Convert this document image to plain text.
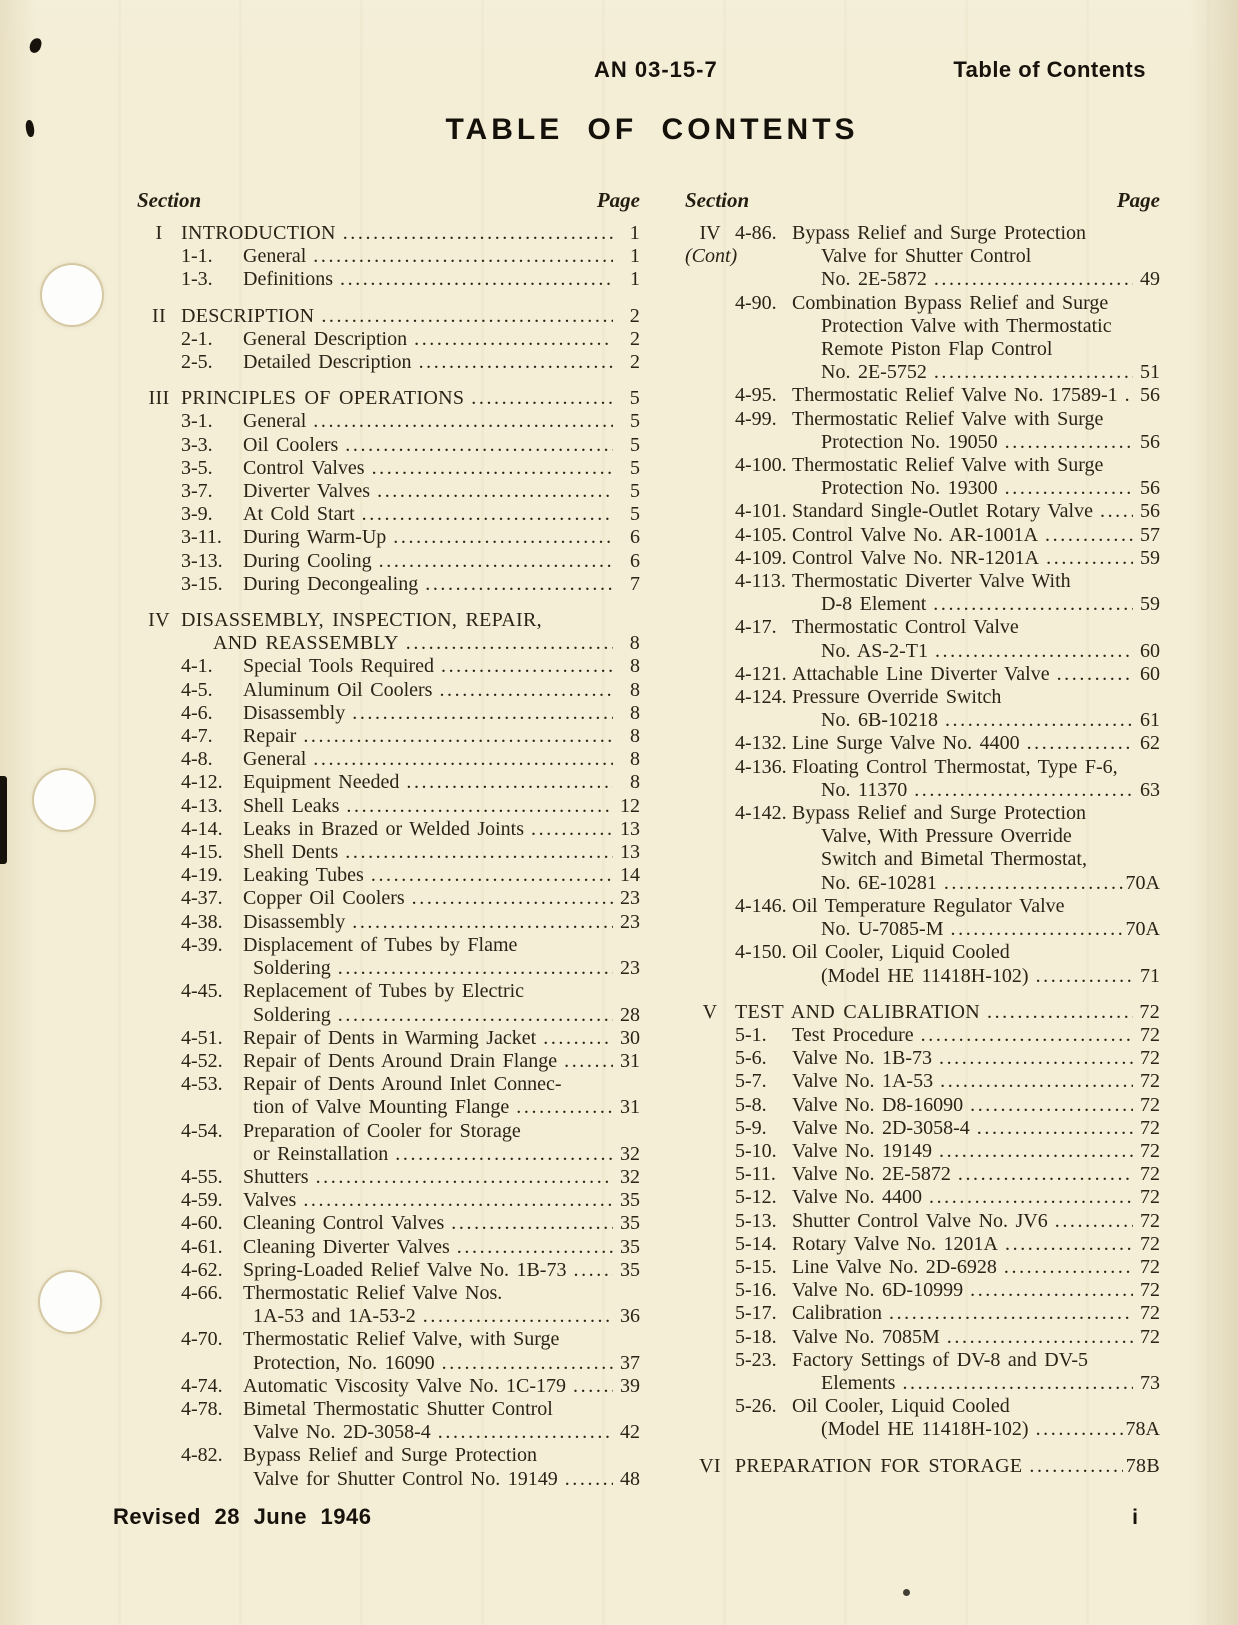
AN 03-15-7	Table of Contents
TABLE OF CONTENTS
Section	Page
I INTRODUCTION .....	1
1-1.	General .....	1
1-3.	Definitions .....	1
II DESCRIPTION .....	2
2-1.	General Description .....	2
2-5.	Detailed Description .....	2
III PRINCIPLES OF OPERATIONS .....	5
3-1.	General .....	5
3-3.	Oil Coolers .....	5
3-5.	Control Valves .....	5
3-7.	Diverter Valves .....	5
3-9.	At Cold Start .....	5
3-11.	During Warm-Up .....	6
3-13.	During Cooling .....	6
3-15.	During Decongealing .....	7
IV DISASSEMBLY, INSPECTION, REPAIR,
AND REASSEMBLY .....	8
4-1.	Special Tools Required .....	8
4-5.	Aluminum Oil Coolers .....	8
4-6.	Disassembly .....	8
4-7.	Repair .....	8
4-8.	General .....	8
4-12.	Equipment Needed .....	8
4-13.	Shell Leaks .....	12
4-14.	Leaks in Brazed or Welded Joints .....	13
4-15.	Shell Dents .....	13
4-19.	Leaking Tubes .....	14
4-37.	Copper Oil Coolers .....	23
4-38.	Disassembly .....	23
4-39.	Displacement of Tubes by Flame
Soldering .....	23
4-45.	Replacement of Tubes by Electric
Soldering .....	28
4-51.	Repair of Dents in Warming Jacket .....	30
4-52.	Repair of Dents Around Drain Flange .....	31
4-53.	Repair of Dents Around Inlet Connec-
tion of Valve Mounting Flange .....	31
4-54.	Preparation of Cooler for Storage
or Reinstallation .....	32
4-55.	Shutters .....	32
4-59.	Valves .....	35
4-60.	Cleaning Control Valves .....	35
4-61.	Cleaning Diverter Valves .....	35
4-62.	Spring-Loaded Relief Valve No. 1B-73 .....	35
4-66.	Thermostatic Relief Valve Nos.
1A-53 and 1A-53-2 .....	36
4-70.	Thermostatic Relief Valve, with Surge
Protection, No. 16090 .....	37
4-74.	Automatic Viscosity Valve No. 1C-179 .....	39
4-78.	Bimetal Thermostatic Shutter Control
Valve No. 2D-3058-4 .....	42
4-82.	Bypass Relief and Surge Protection
Valve for Shutter Control No. 19149 .....	48
Section	Page
IV 4-86. Bypass Relief and Surge Protection
(Cont)	Valve for Shutter Control
No. 2E-5872 .....	49
4-90. Combination Bypass Relief and Surge
Protection Valve with Thermostatic
Remote Piston Flap Control
No. 2E-5752 .....	51
4-95. Thermostatic Relief Valve No. 17589-1 ..... 56
4-99. Thermostatic Relief Valve with Surge
Protection No. 19050 .....	56
4-100. Thermostatic Relief Valve with Surge
Protection No. 19300 .....	56
4-101. Standard Single-Outlet Rotary Valve ..... 56
4-105. Control Valve No. AR-1001A .....	57
4-109. Control Valve No. NR-1201A .....	59
4-113. Thermostatic Diverter Valve With
D-8 Element .....	59
4-17. Thermostatic Control Valve
No. AS-2-T1 .....	60
4-121. Attachable Line Diverter Valve .....	60
4-124. Pressure Override Switch
No. 6B-10218 .....	61
4-132. Line Surge Valve No. 4400 .....	62
4-136. Floating Control Thermostat, Type F-6,
No. 11370 .....	63
4-142. Bypass Relief and Surge Protection
Valve, With Pressure Override
Switch and Bimetal Thermostat,
No. 6E-10281 .....	70A
4-146. Oil Temperature Regulator Valve
No. U-7085-M .....	70A
4-150. Oil Cooler, Liquid Cooled
(Model HE 11418H-102) .....	71
V TEST AND CALIBRATION .....	72
5-1.	Test Procedure .....	72
5-6.	Valve No. 1B-73 .....	72
5-7.	Valve No. 1A-53 .....	72
5-8.	Valve No. D8-16090 .....	72
5-9.	Valve No. 2D-3058-4 .....	72
5-10. Valve No. 19149 .....	72
5-11. Valve No. 2E-5872 .....	72
5-12. Valve No. 4400 .....	72
5-13. Shutter Control Valve No. JV6 .....	72
5-14. Rotary Valve No. 1201A .....	72
5-15. Line Valve No. 2D-6928 .....	72
5-16. Valve No. 6D-10999 .....	72
5-17. Calibration .....	72
5-18. Valve No. 7085M .....	72
5-23. Factory Settings of DV-8 and DV-5
Elements .....	73
5-26. Oil Cooler, Liquid Cooled
(Model HE 11418H-102) .....	78A
VI PREPARATION FOR STORAGE .....	78B
Revised 28 June 1946	i
